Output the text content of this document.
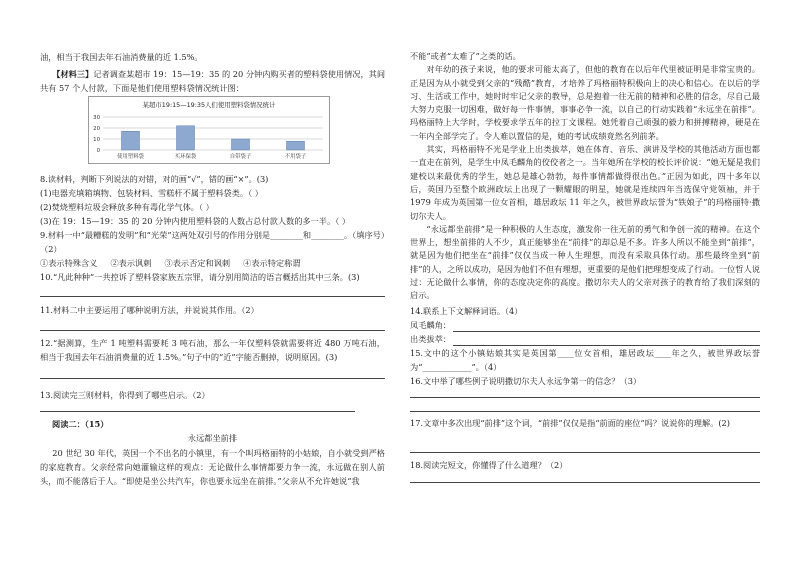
油，相当于我国去年石油消费量的近 1.5%。

【材料三】记者调查某超市 19：15—19：35 的 20 分钟内购买者的塑料袋使用情况，其间共有 57 个人付款，下面是他们使用塑料袋情况统计图：

某超市19:15—19:35人们使用塑料袋情况统计
0
10
20
30
使用塑料袋	买环保袋	自带袋子	不用袋子

8.读材料，判断下列说法的对错，对的画“√”，错的画“×”。(3)

(1)电器充填箱填物、包装材料、雪糕杆不属于塑料袋类。（ ）

(2)焚烧塑料垃圾会释放多种有毒化学气体。（ ）

(3)在 19：15—19：35 的 20 分钟内使用塑料袋的人数占总付款人数的多一半。（ ）

9.材料一中“最糟糕的发明”和“光荣”这两处双引号的作用分别是________和________。（填序号）（2）

①表示特殊含义 ②表示讽刺 ③表示否定和讽刺 ④表示特定称谓

10.“凡此种种”一共控诉了塑料袋家族五宗罪，请分别用简洁的语言概括出其中三条。(3)

11.材料二中主要运用了哪种说明方法，并说说其作用。（2）

12.“据测算，生产 1 吨塑料需要耗 3 吨石油，那么一年仅塑料袋就需要将近 480 万吨石油，相当于我国去年石油消费量的近 1.5%。”句子中的“近”字能否删掉，说明原因。(3)

13.阅读完三则材料，你得到了哪些启示。（2）

阅读二：（15）

永远都坐前排

20 世纪 30 年代，英国一个不出名的小镇里，有一个叫玛格丽特的小姑娘，自小就受到严格的家庭教育。父亲经常向她灌输这样的观点：无论做什么事情都要力争一流，永远做在别人前头，而不能落后于人。“即使是坐公共汽车，你也要永远坐在前排。”父亲从不允许她说“我

不能”或者“太难了”之类的话。

对年幼的孩子来说，他的要求可能太高了，但他的教育在以后年代里被证明是非常宝贵的。正是因为从小就受到父亲的“残酷”教育，才培养了玛格丽特积极向上的决心和信心。在以后的学习、生活或工作中，她时时牢记父亲的教导，总是抱着一往无前的精神和必胜的信念，尽自己最大努力克服一切困难，做好每一件事情，事事必争一流，以自己的行动实践着“永远坐在前排”。玛格丽特上大学时，学校要求学五年的拉丁文课程。她凭着自己顽强的毅力和拼搏精神，硬是在一年内全部学完了。令人难以置信的是，她的考试成绩竟然名列前茅。

其实，玛格丽特不光是学业上出类拔萃，她在体育、音乐、演讲及学校的其他活动方面也都一直走在前列，是学生中凤毛麟角的佼佼者之一。当年她所在学校的校长评价说：“她无疑是我们建校以来最优秀的学生，她总是雄心勃勃，每件事情都做得很出色。”正因为如此，四十多年以后，英国乃至整个欧洲政坛上出现了一颗耀眼的明星，她就是连续四年当选保守党领袖，并于 1979 年成为英国第一位女首相，雄居政坛 11 年之久，被世界政坛誉为“铁娘子”的玛格丽特·撒切尔夫人。

“永远都坐前排”是一种积极的人生态度，激发你一往无前的勇气和争创一流的精神。在这个世界上，想坐前排的人不少，真正能够坐在“前排”的却总是不多。许多人所以不能坐到“前排”，就是因为他们把坐在“前排”仅仅当成一种人生理想，而没有采取具体行动。那些最终坐到“前排”的人，之所以成功，是因为他们不但有理想，更重要的是他们把理想变成了行动。一位哲人说过：无论做什么事情，你的态度决定你的高度。撒切尔夫人的父亲对孩子的教育给了我们深刻的启示。

14.联系上下文解释词语。（4）

凤毛麟角：
出类拔萃：

15.文中的这个小镇姑娘其实是英国第____位女首相，雄居政坛____年之久，被世界政坛誉为“____________”。（4）

16.文中举了哪些例子说明撒切尔夫人永远争第一的信念？（3）

17.文章中多次出现“前排”这个词，“前排”仅仅是指“前面的座位”吗？说说你的理解。(2)

18.阅读完短文，你懂得了什么道理？（2）
